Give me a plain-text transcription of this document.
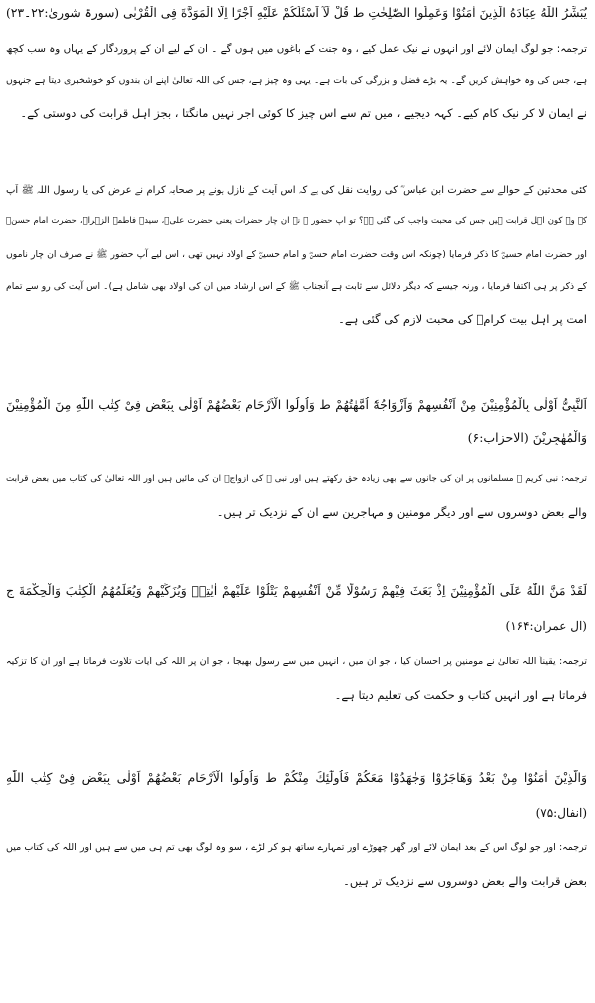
يُبَشِّرُ اللّٰهُ عِبَادَهُ الَّذِينَ اٰمَنُوْا وَعَمِلُوا الصّٰلِحٰتِ ط قُلْ لَّآ اَسْئَلُكُمْ عَلَيْهِ اَجْرًا اِلَّا الْمَوَدَّةَ فِی الْقُرْبٰی (سورۃ شوریٰ:۲۲۔۲۳)
ترجمہ: جو لوگ ایمان لائے اور انہوں نے نیک عمل کیے ، وہ جنت کے باغوں میں ہوں گے ۔ ان کے لیے ان کے پروردگار کے یہاں وہ سب کچھ
ہے، جس کی وہ خواہش کریں گے۔ یہ بڑے فضل و بزرگی کی بات ہے۔ یہی وہ چیز ہے، جس کی اللہ تعالیٰ اپنے ان بندوں کو خوشخبری دیتا ہے جنہوں
نے ایمان لا کر نیک کام کیے۔ کہہ دیجیے ، میں تم سے اس چیز کا کوئی اجر نہیں مانگتا ، بجز اہل قرابت کی دوستی کے۔
کئی محدثین کے حوالے سے حضرت ابن عباس ؓ کی روایت نقل کی ہے کہ اس آیت کے نازل ہونے پر صحابہ کرام نے عرض کی یا رسول اللہ ﷺ آپ
کے وہ کون اہل قرابت ہیں جس کی محبت واجب کی گئی ہے؟ تو آپ حضور ﷺ نے ان چار حضرات یعنی حضرت علیؓ، سیدہ فاطمۃ الزہراؓ، حضرت امام حسنؓ
اور حضرت امام حسینؓ کا ذکر فرمایا (چونکہ اس وقت حضرت امام حسنؓ و امام حسینؓ کے اولاد نہیں تھی ، اس لیے آپ حضور ﷺ نے صرف ان چار ناموں
کے ذکر پر ہی اکتفا فرمایا ، ورنہ جیسے کہ دیگر دلائل سے ثابت ہے آنجناب ﷺ کے اس ارشاد میں ان کی اولاد بھی شامل ہے)۔ اس آیت کی رو سے تمام
امت پر اہل بیت کرامؓ کی محبت لازم کی گئی ہے۔
اَلنَّبِیُّ اَوْلٰی بِالْمُؤْمِنِیْنَ مِنْ اَنْفُسِهِمْ وَاَزْوَاجُهٗٓ اُمَّهٰتُهُمْ ط وَاُولُوا الْاَرْحَامِ بَعْضُهُمْ اَوْلٰی بِبَعْضٍ فِیْ كِتٰبِ اللّٰهِ مِنَ الْمُؤْمِنِیْنَ
وَالْمُهٰجِرِیْنَ (الاحزاب:۶)
ترجمہ: نبی کریم ﷺ مسلمانوں پر ان کی جانوں سے بھی زیادہ حق رکھتے ہیں اور نبی ﷺ کی ازواجؓ ان کی مائیں ہیں اور اللہ تعالیٰ کی کتاب میں بعض قرابت
والے بعض دوسروں سے اور دیگر مومنین و مہاجرین سے ان کے نزدیک تر ہیں۔
لَقَدْ مَنَّ اللّٰهُ عَلَی الْمُؤْمِنِیْنَ اِذْ بَعَثَ فِیْهِمْ رَسُوْلًا مِّنْ اَنْفُسِهِمْ یَتْلُوْا عَلَیْهِمْ اٰیٰتِهٖ وَیُزَكِّیْهِمْ وَیُعَلِّمُهُمُ الْكِتٰبَ وَالْحِكْمَةَ ج
(ال عمران:۱۶۴)
ترجمہ: یقیناً اللہ تعالیٰ نے مومنین پر احسان کیا ، جو ان میں ، انہیں میں سے رسول بھیجا ، جو ان پر اللہ کی آیات تلاوت فرماتا ہے اور ان کا تزکیہ
فرماتا ہے اور انہیں کتاب و حکمت کی تعلیم دیتا ہے۔
وَالَّذِیْنَ اٰمَنُوْا مِنْ بَعْدُ وَهَاجَرُوْا وَجٰهَدُوْا مَعَكُمْ فَاُولٰٓئِكَ مِنْكُمْ ط وَاُولُوا الْاَرْحَامِ بَعْضُهُمْ اَوْلٰی بِبَعْضٍ فِیْ كِتٰبِ اللّٰهِ
(انفال:۷۵)
ترجمہ: اور جو لوگ اس کے بعد ایمان لائے اور گھر چھوڑے اور تمہارے ساتھ ہو کر لڑے ، سو وہ لوگ بھی تم ہی میں سے ہیں اور اللہ کی کتاب میں
بعض قرابت والے بعض دوسروں سے نزدیک تر ہیں۔
